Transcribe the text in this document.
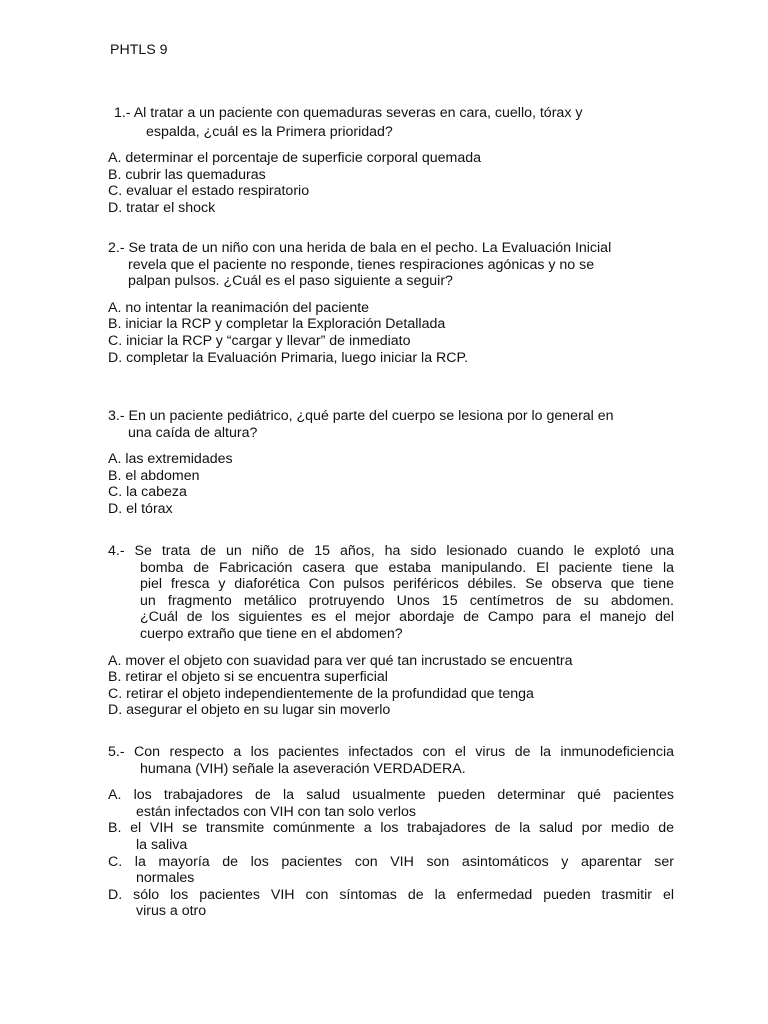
PHTLS 9

1.- Al tratar a un paciente con quemaduras severas en cara, cuello, tórax y
espalda, ¿cuál es la Primera prioridad?

A. determinar el porcentaje de superficie corporal quemada
B. cubrir las quemaduras
C. evaluar el estado respiratorio
D. tratar el shock

2.- Se trata de un niño con una herida de bala en el pecho. La Evaluación Inicial
revela que el paciente no responde, tienes respiraciones agónicas y no se
palpan pulsos. ¿Cuál es el paso siguiente a seguir?

A. no intentar la reanimación del paciente
B. iniciar la RCP y completar la Exploración Detallada
C. iniciar la RCP y “cargar y llevar” de inmediato
D. completar la Evaluación Primaria, luego iniciar la RCP.

3.- En un paciente pediátrico, ¿qué parte del cuerpo se lesiona por lo general en
una caída de altura?

A. las extremidades
B. el abdomen
C. la cabeza
D. el tórax

4.- Se trata de un niño de 15 años, ha sido lesionado cuando le explotó una
bomba de Fabricación casera que estaba manipulando. El paciente tiene la
piel fresca y diaforética Con pulsos periféricos débiles. Se observa que tiene
un fragmento metálico protruyendo Unos 15 centímetros de su abdomen.
¿Cuál de los siguientes es el mejor abordaje de Campo para el manejo del
cuerpo extraño que tiene en el abdomen?

A. mover el objeto con suavidad para ver qué tan incrustado se encuentra
B. retirar el objeto si se encuentra superficial
C. retirar el objeto independientemente de la profundidad que tenga
D. asegurar el objeto en su lugar sin moverlo

5.- Con respecto a los pacientes infectados con el virus de la inmunodeficiencia
humana (VIH) señale la aseveración VERDADERA.

A. los trabajadores de la salud usualmente pueden determinar qué pacientes
están infectados con VIH con tan solo verlos
B. el VIH se transmite comúnmente a los trabajadores de la salud por medio de
la saliva
C. la mayoría de los pacientes con VIH son asintomáticos y aparentar ser
normales
D. sólo los pacientes VIH con síntomas de la enfermedad pueden trasmitir el
virus a otro
